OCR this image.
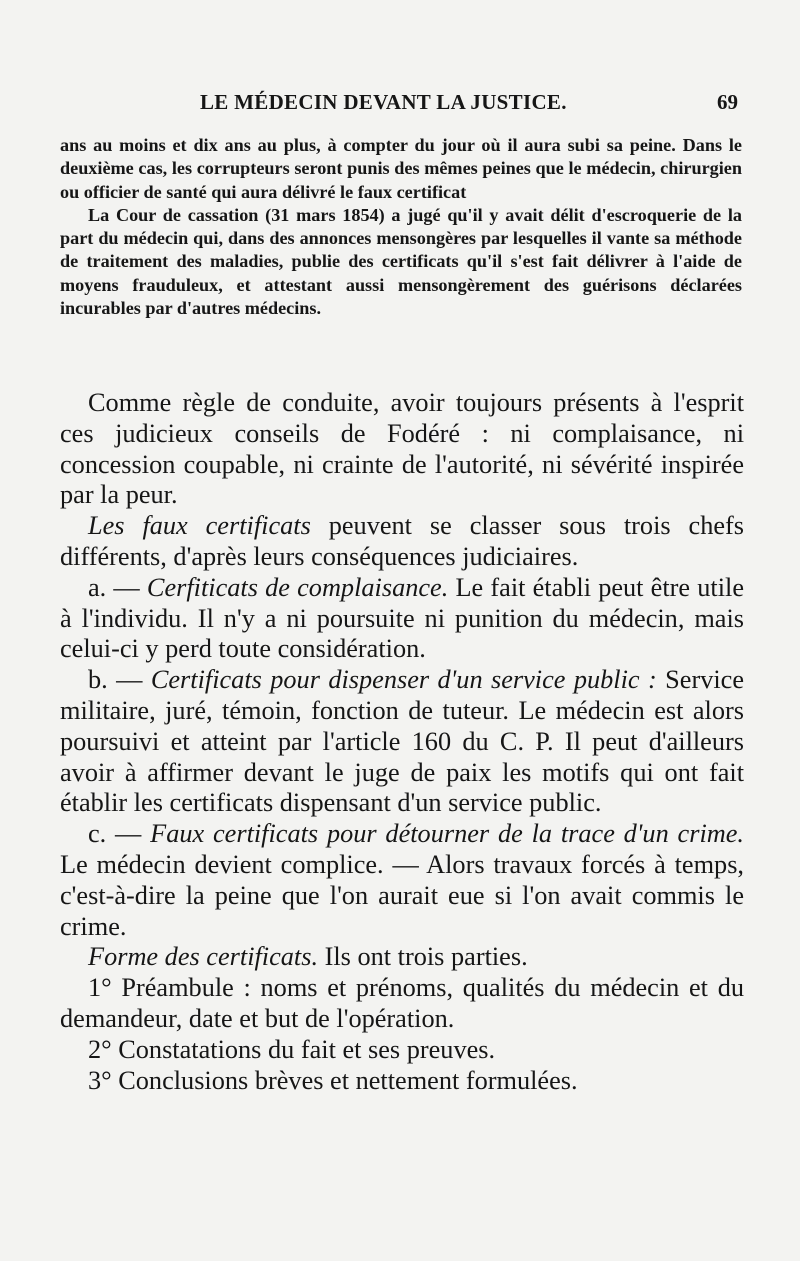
LE MÉDECIN DEVANT LA JUSTICE.	69

ans au moins et dix ans au plus, à compter du jour où il aura subi sa peine. Dans le deuxième cas, les corrupteurs seront punis des mêmes peines que le médecin, chirurgien ou officier de santé qui aura délivré le faux certificat

La Cour de cassation (31 mars 1854) a jugé qu'il y avait délit d'escroquerie de la part du médecin qui, dans des annonces mensongères par lesquelles il vante sa méthode de traitement des maladies, publie des certificats qu'il s'est fait délivrer à l'aide de moyens frauduleux, et attestant aussi mensongèrement des guérisons déclarées incurables par d'autres médecins.

Comme règle de conduite, avoir toujours présents à l'esprit ces judicieux conseils de Fodéré : ni complaisance, ni concession coupable, ni crainte de l'autorité, ni sévérité inspirée par la peur.

Les faux certificats peuvent se classer sous trois chefs différents, d'après leurs conséquences judiciaires.

a. — Cerfiticats de complaisance. Le fait établi peut être utile à l'individu. Il n'y a ni poursuite ni punition du médecin, mais celui-ci y perd toute considération.

b. — Certificats pour dispenser d'un service public : Service militaire, juré, témoin, fonction de tuteur. Le médecin est alors poursuivi et atteint par l'article 160 du C. P. Il peut d'ailleurs avoir à affirmer devant le juge de paix les motifs qui ont fait établir les certificats dispensant d'un service public.

c. — Faux certificats pour détourner de la trace d'un crime. Le médecin devient complice. — Alors travaux forcés à temps, c'est-à-dire la peine que l'on aurait eue si l'on avait commis le crime.

Forme des certificats. Ils ont trois parties.

1° Préambule : noms et prénoms, qualités du médecin et du demandeur, date et but de l'opération.

2° Constatations du fait et ses preuves.

3° Conclusions brèves et nettement formulées.
